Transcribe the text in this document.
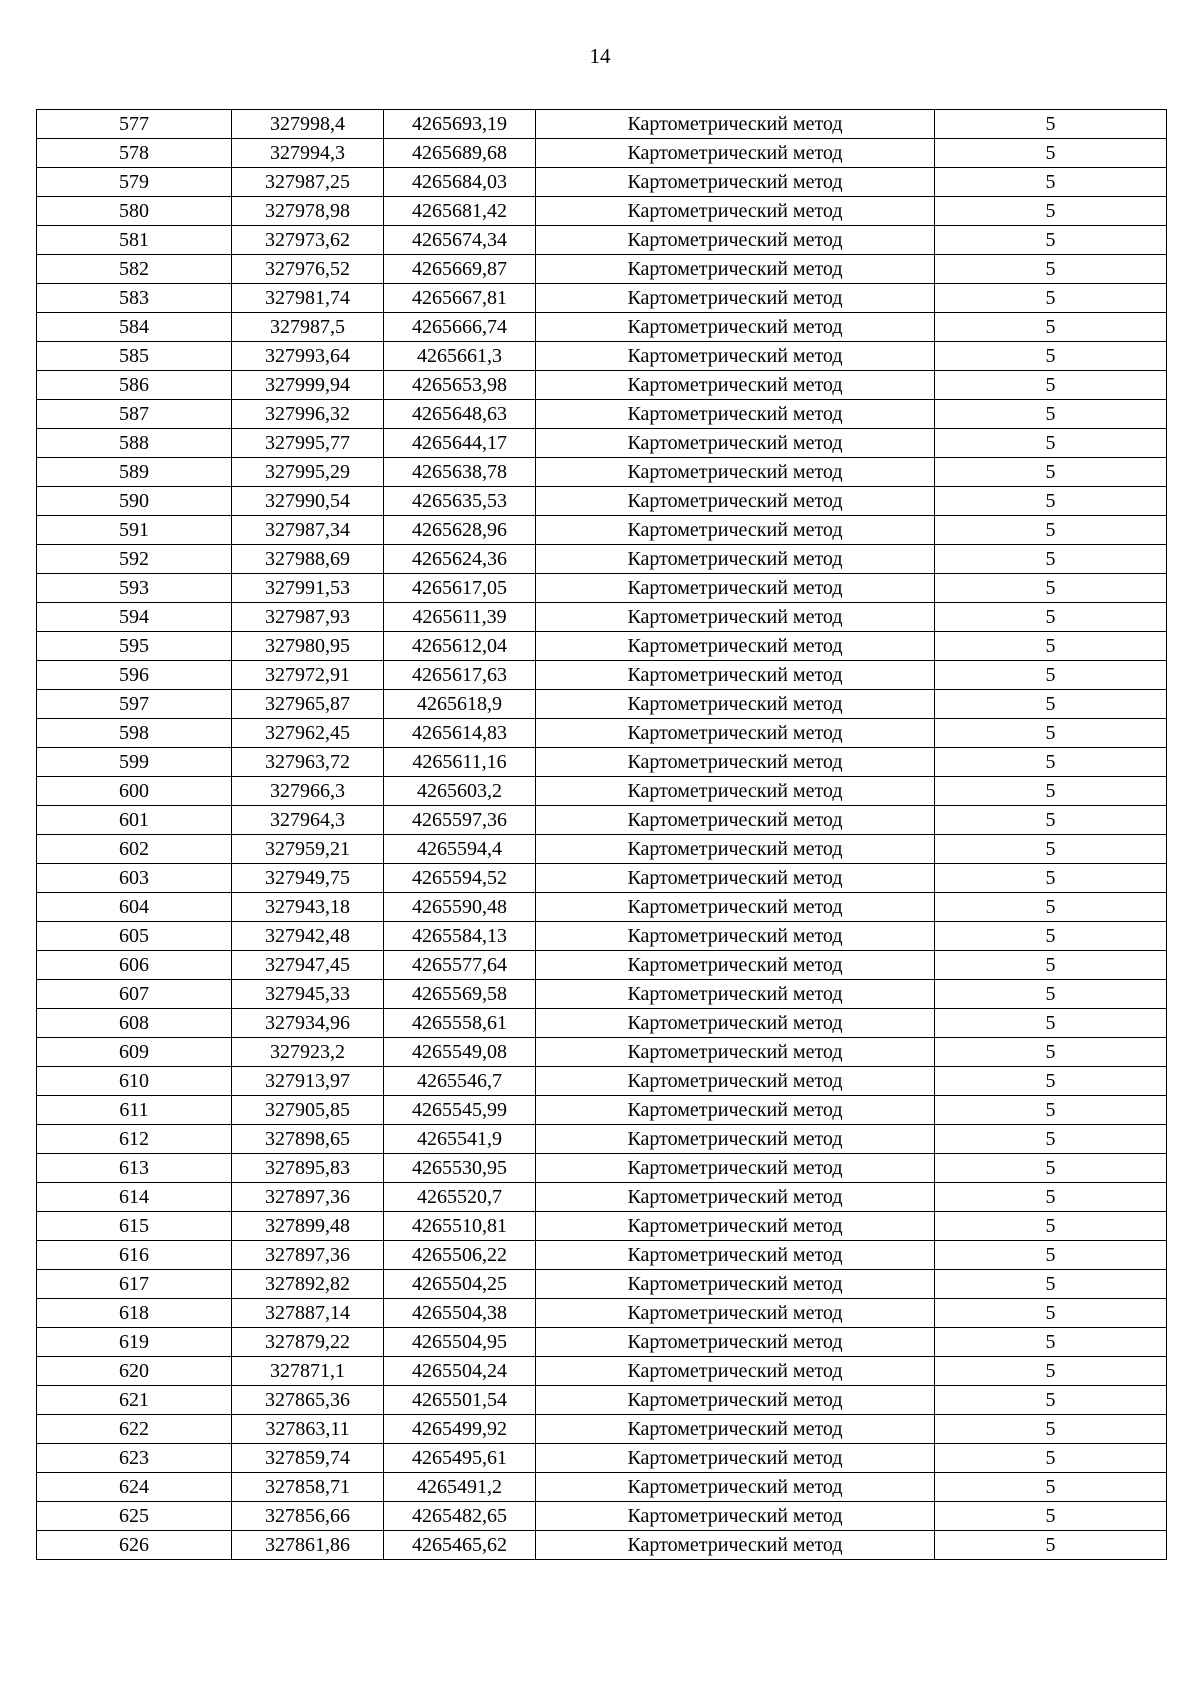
14
577	327998,4	4265693,19	Картометрический метод	5
578	327994,3	4265689,68	Картометрический метод	5
579	327987,25	4265684,03	Картометрический метод	5
580	327978,98	4265681,42	Картометрический метод	5
581	327973,62	4265674,34	Картометрический метод	5
582	327976,52	4265669,87	Картометрический метод	5
583	327981,74	4265667,81	Картометрический метод	5
584	327987,5	4265666,74	Картометрический метод	5
585	327993,64	4265661,3	Картометрический метод	5
586	327999,94	4265653,98	Картометрический метод	5
587	327996,32	4265648,63	Картометрический метод	5
588	327995,77	4265644,17	Картометрический метод	5
589	327995,29	4265638,78	Картометрический метод	5
590	327990,54	4265635,53	Картометрический метод	5
591	327987,34	4265628,96	Картометрический метод	5
592	327988,69	4265624,36	Картометрический метод	5
593	327991,53	4265617,05	Картометрический метод	5
594	327987,93	4265611,39	Картометрический метод	5
595	327980,95	4265612,04	Картометрический метод	5
596	327972,91	4265617,63	Картометрический метод	5
597	327965,87	4265618,9	Картометрический метод	5
598	327962,45	4265614,83	Картометрический метод	5
599	327963,72	4265611,16	Картометрический метод	5
600	327966,3	4265603,2	Картометрический метод	5
601	327964,3	4265597,36	Картометрический метод	5
602	327959,21	4265594,4	Картометрический метод	5
603	327949,75	4265594,52	Картометрический метод	5
604	327943,18	4265590,48	Картометрический метод	5
605	327942,48	4265584,13	Картометрический метод	5
606	327947,45	4265577,64	Картометрический метод	5
607	327945,33	4265569,58	Картометрический метод	5
608	327934,96	4265558,61	Картометрический метод	5
609	327923,2	4265549,08	Картометрический метод	5
610	327913,97	4265546,7	Картометрический метод	5
611	327905,85	4265545,99	Картометрический метод	5
612	327898,65	4265541,9	Картометрический метод	5
613	327895,83	4265530,95	Картометрический метод	5
614	327897,36	4265520,7	Картометрический метод	5
615	327899,48	4265510,81	Картометрический метод	5
616	327897,36	4265506,22	Картометрический метод	5
617	327892,82	4265504,25	Картометрический метод	5
618	327887,14	4265504,38	Картометрический метод	5
619	327879,22	4265504,95	Картометрический метод	5
620	327871,1	4265504,24	Картометрический метод	5
621	327865,36	4265501,54	Картометрический метод	5
622	327863,11	4265499,92	Картометрический метод	5
623	327859,74	4265495,61	Картометрический метод	5
624	327858,71	4265491,2	Картометрический метод	5
625	327856,66	4265482,65	Картометрический метод	5
626	327861,86	4265465,62	Картометрический метод	5
